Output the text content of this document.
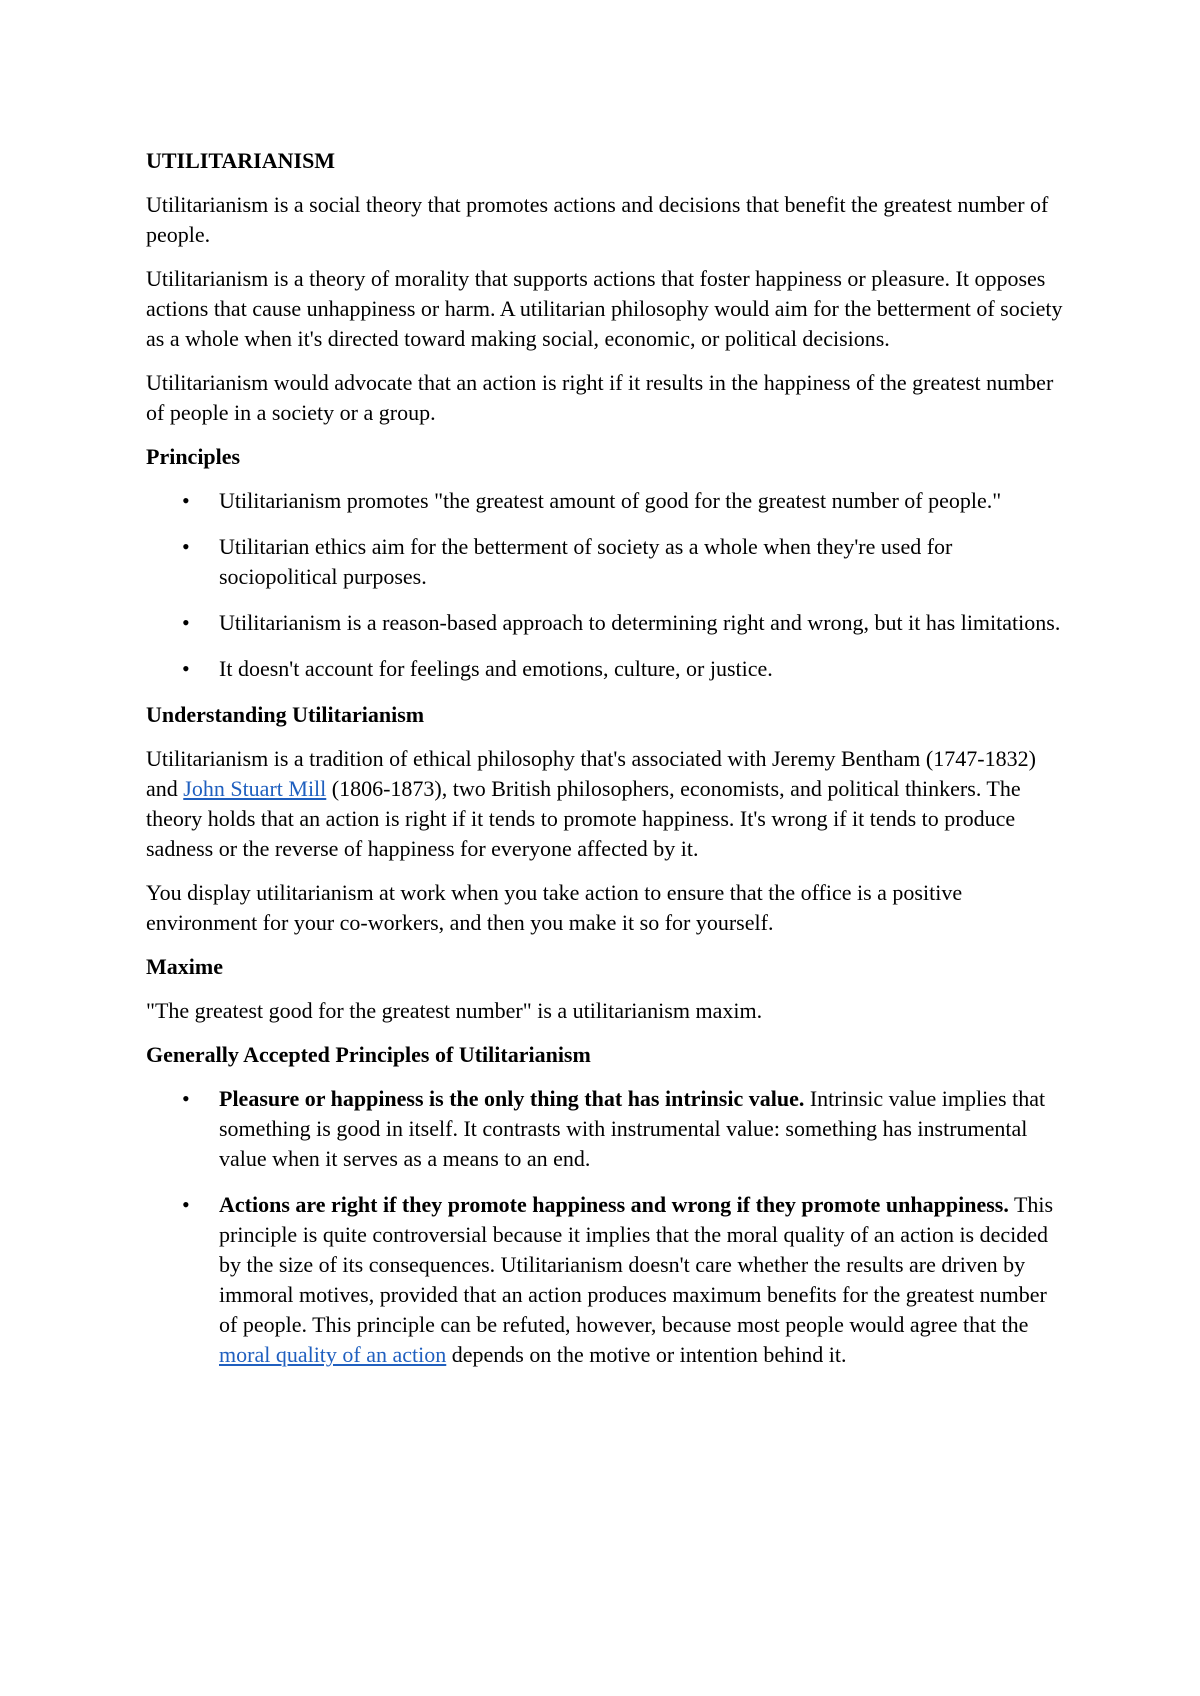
UTILITARIANISM

Utilitarianism is a social theory that promotes actions and decisions that benefit the greatest number of people.

Utilitarianism is a theory of morality that supports actions that foster happiness or pleasure. It opposes actions that cause unhappiness or harm. A utilitarian philosophy would aim for the betterment of society as a whole when it's directed toward making social, economic, or political decisions.

Utilitarianism would advocate that an action is right if it results in the happiness of the greatest number of people in a society or a group.

Principles
• Utilitarianism promotes "the greatest amount of good for the greatest number of people."
• Utilitarian ethics aim for the betterment of society as a whole when they're used for sociopolitical purposes.
• Utilitarianism is a reason-based approach to determining right and wrong, but it has limitations.
• It doesn't account for feelings and emotions, culture, or justice.
Understanding Utilitarianism

Utilitarianism is a tradition of ethical philosophy that's associated with Jeremy Bentham (1747-1832) and John Stuart Mill (1806-1873), two British philosophers, economists, and political thinkers. The theory holds that an action is right if it tends to promote happiness. It's wrong if it tends to produce sadness or the reverse of happiness for everyone affected by it.

You display utilitarianism at work when you take action to ensure that the office is a positive environment for your co-workers, and then you make it so for yourself.

Maxime

"The greatest good for the greatest number" is a utilitarianism maxim.

Generally Accepted Principles of Utilitarianism
• Pleasure or happiness is the only thing that has intrinsic value. Intrinsic value implies that something is good in itself. It contrasts with instrumental value: something has instrumental value when it serves as a means to an end.
• Actions are right if they promote happiness and wrong if they promote unhappiness. This principle is quite controversial because it implies that the moral quality of an action is decided by the size of its consequences. Utilitarianism doesn't care whether the results are driven by immoral motives, provided that an action produces maximum benefits for the greatest number of people. This principle can be refuted, however, because most people would agree that the moral quality of an action depends on the motive or intention behind it.
